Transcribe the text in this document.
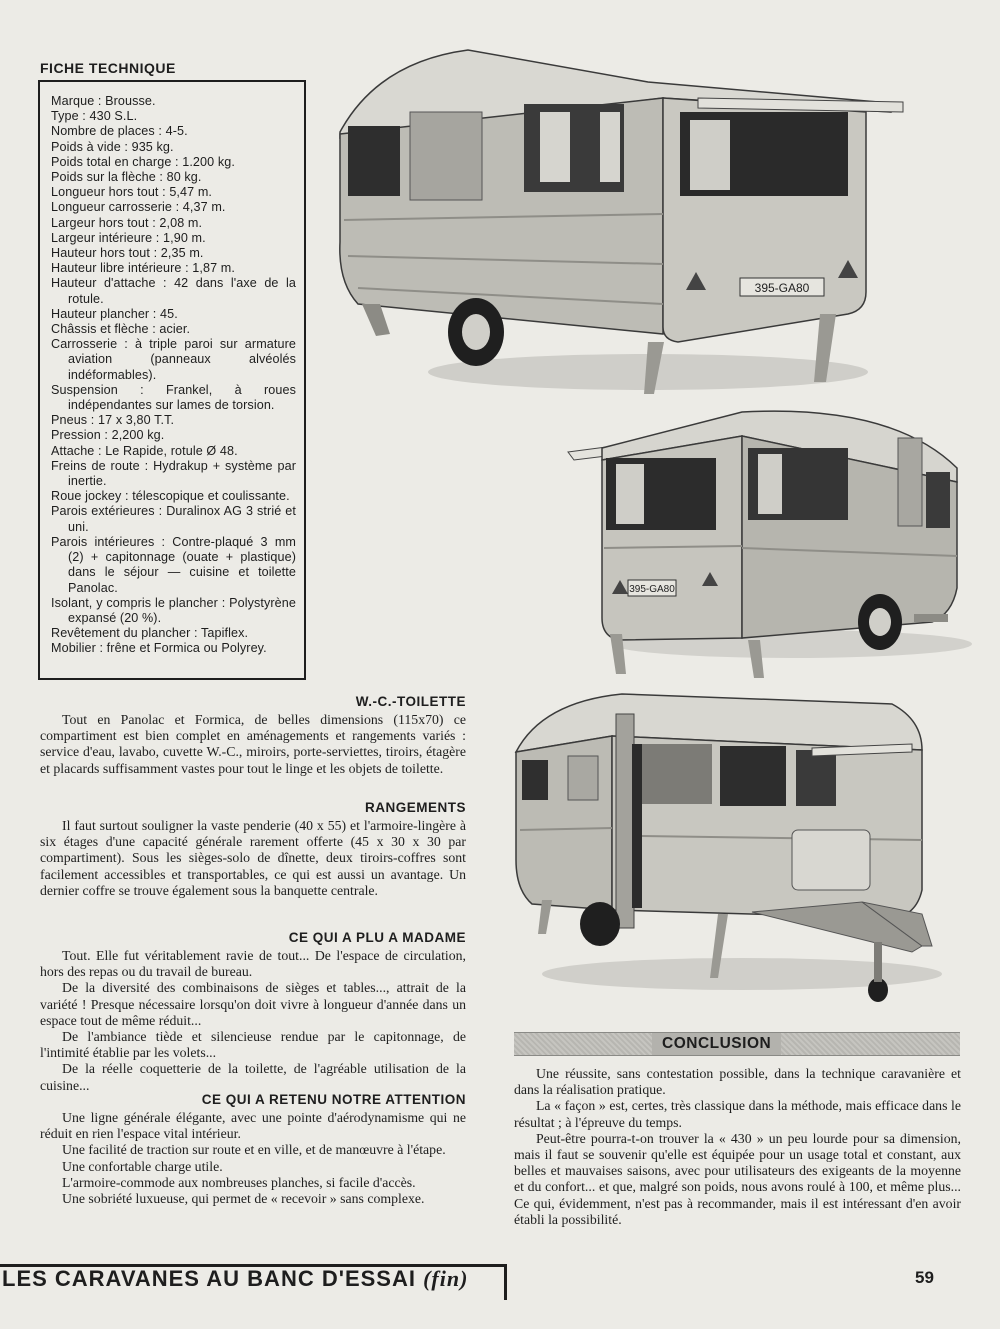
FICHE TECHNIQUE
Marque : Brousse.
Type : 430 S.L.
Nombre de places : 4-5.
Poids à vide : 935 kg.
Poids total en charge : 1.200 kg.
Poids sur la flèche : 80 kg.
Longueur hors tout : 5,47 m.
Longueur carrosserie : 4,37 m.
Largeur hors tout : 2,08 m.
Largeur intérieure : 1,90 m.
Hauteur hors tout : 2,35 m.
Hauteur libre intérieure : 1,87 m.
Hauteur d'attache : 42 dans l'axe de la rotule.
Hauteur plancher : 45.
Châssis et flèche : acier.
Carrosserie : à triple paroi sur armature aviation (panneaux alvéolés indéformables).
Suspension : Frankel, à roues indépendantes sur lames de torsion.
Pneus : 17 x 3,80 T.T.
Pression : 2,200 kg.
Attache : Le Rapide, rotule Ø 48.
Freins de route : Hydrakup + système par inertie.
Roue jockey : télescopique et coulissante.
Parois extérieures : Duralinox AG 3 strié et uni.
Parois intérieures : Contre-plaqué 3 mm (2) + capitonnage (ouate + plastique) dans le séjour — cuisine et toilette Panolac.
Isolant, y compris le plancher : Polystyrène expansé (20 %).
Revêtement du plancher : Tapiflex.
Mobilier : frêne et Formica ou Polyrey.
395-GA80
395-GA80
W.-C.-TOILETTE

Tout en Panolac et Formica, de belles dimensions (115x70) ce compartiment est bien complet en aménagements et rangements variés : service d'eau, lavabo, cuvette W.-C., miroirs, porte-serviettes, tiroirs, étagère et placards suffisamment vastes pour tout le linge et les objets de toilette.

RANGEMENTS

Il faut surtout souligner la vaste penderie (40 x 55) et l'armoire-lingère à six étages d'une capacité générale rarement offerte (45 x 30 x 30 par compartiment). Sous les sièges-solo de dînette, deux tiroirs-coffres sont facilement accessibles et transportables, ce qui est aussi un avantage. Un dernier coffre se trouve également sous la banquette centrale.

CE QUI A PLU A MADAME

Tout. Elle fut véritablement ravie de tout... De l'espace de circulation, hors des repas ou du travail de bureau.

De la diversité des combinaisons de sièges et tables..., attrait de la variété ! Presque nécessaire lorsqu'on doit vivre à longueur d'année dans un espace tout de même réduit...

De l'ambiance tiède et silencieuse rendue par le capitonnage, de l'intimité établie par les volets...

De la réelle coquetterie de la toilette, de l'agréable utilisation de la cuisine...

CE QUI A RETENU NOTRE ATTENTION

Une ligne générale élégante, avec une pointe d'aérodynamisme qui ne réduit en rien l'espace vital intérieur.

Une facilité de traction sur route et en ville, et de manœuvre à l'étape.

Une confortable charge utile.

L'armoire-commode aux nombreuses planches, si facile d'accès.

Une sobriété luxueuse, qui permet de « recevoir » sans complexe.

CONCLUSION

Une réussite, sans contestation possible, dans la technique caravanière et dans la réalisation pratique.

La « façon » est, certes, très classique dans la méthode, mais efficace dans le résultat ; à l'épreuve du temps.

Peut-être pourra-t-on trouver la « 430 » un peu lourde pour sa dimension, mais il faut se souvenir qu'elle est équipée pour un usage total et constant, aux belles et mauvaises saisons, avec pour utilisateurs des exigeants de la moyenne et du confort... et que, malgré son poids, nous avons roulé à 100, et même plus... Ce qui, évidemment, n'est pas à recommander, mais il est intéressant d'en avoir établi la possibilité.

LES CARAVANES AU BANC D'ESSAI (fin)	59
